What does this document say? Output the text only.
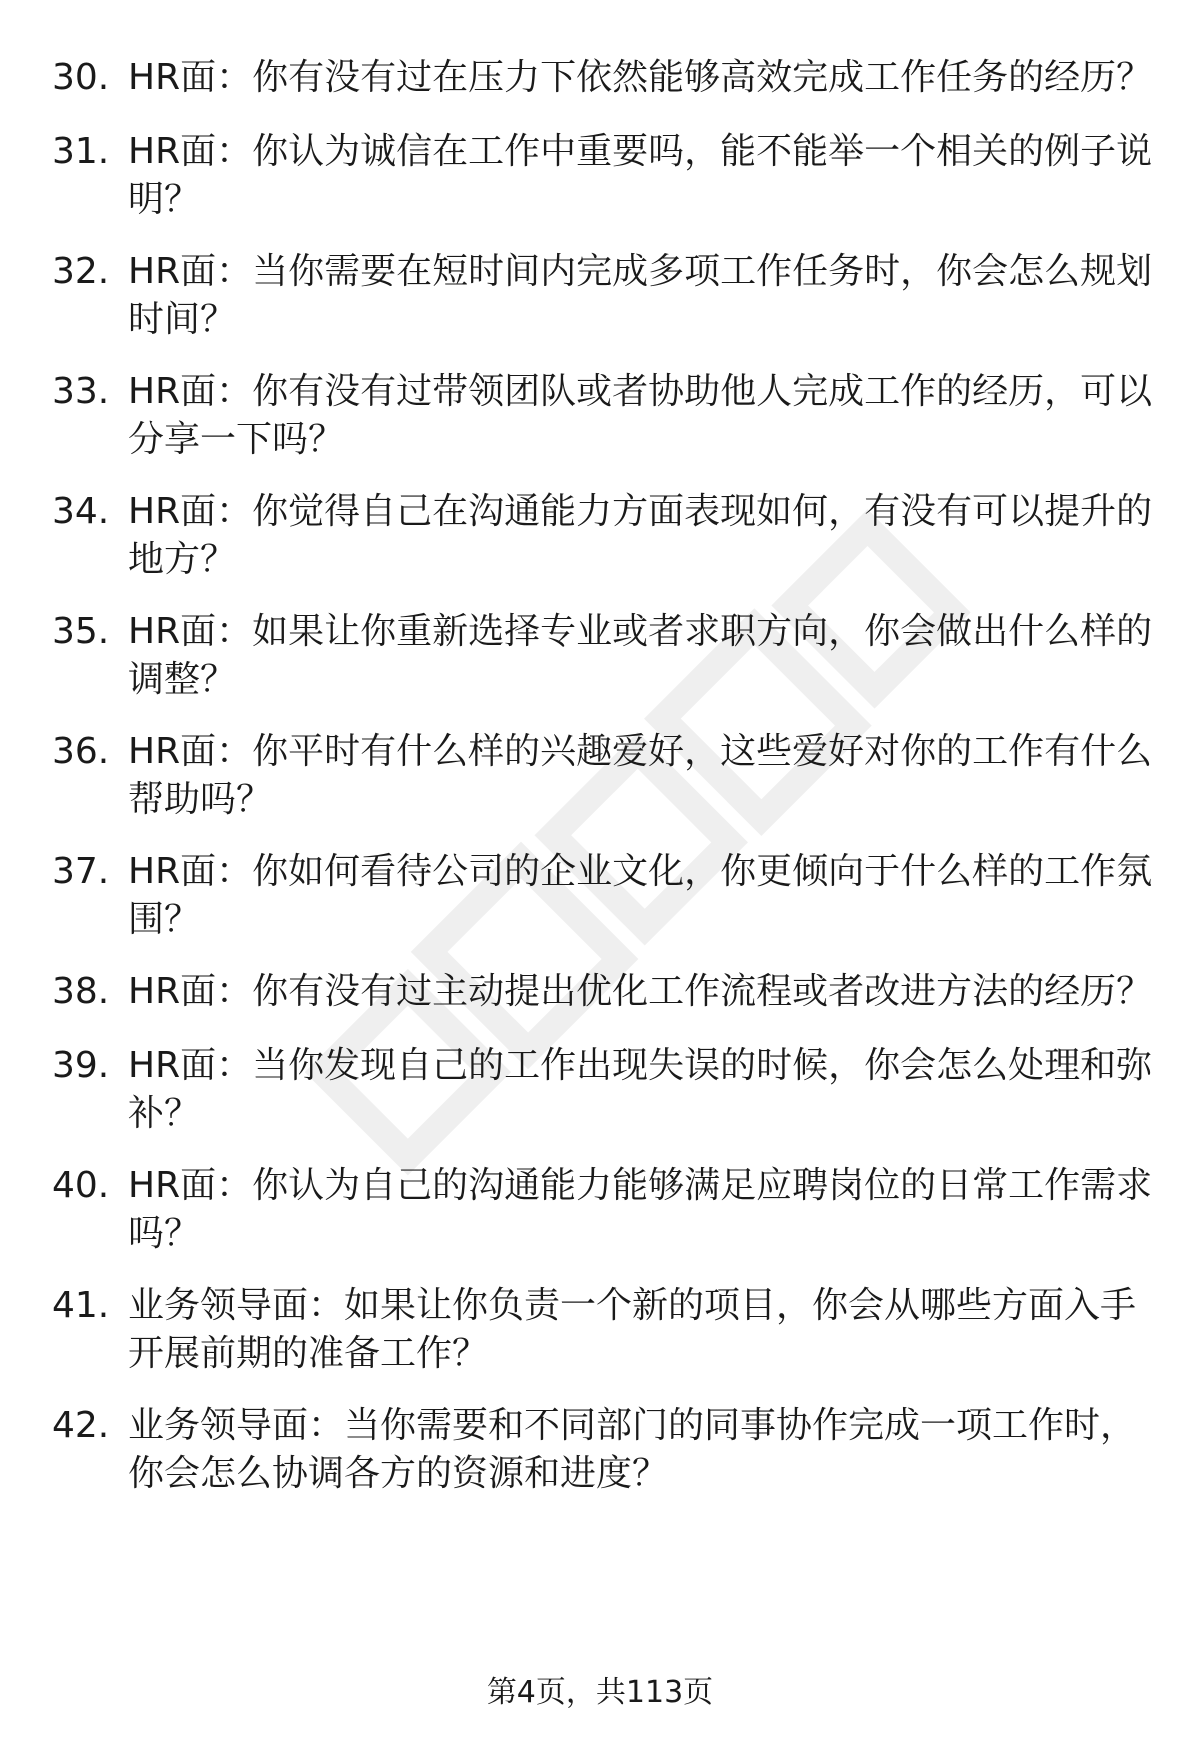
30. HR面：你有没有过在压力下依然能够高效完成工作任务的经历？
31. HR面：你认为诚信在工作中重要吗，能不能举一个相关的例子说明？
32. HR面：当你需要在短时间内完成多项工作任务时，你会怎么规划时间？
33. HR面：你有没有过带领团队或者协助他人完成工作的经历，可以分享一下吗？
34. HR面：你觉得自己在沟通能力方面表现如何，有没有可以提升的地方？
35. HR面：如果让你重新选择专业或者求职方向，你会做出什么样的调整？
36. HR面：你平时有什么样的兴趣爱好，这些爱好对你的工作有什么帮助吗？
37. HR面：你如何看待公司的企业文化，你更倾向于什么样的工作氛围？
38. HR面：你有没有过主动提出优化工作流程或者改进方法的经历？
39. HR面：当你发现自己的工作出现失误的时候，你会怎么处理和弥补？
40. HR面：你认为自己的沟通能力能够满足应聘岗位的日常工作需求吗？
41. 业务领导面：如果让你负责一个新的项目，你会从哪些方面入手开展前期的准备工作？
42. 业务领导面：当你需要和不同部门的同事协作完成一项工作时，你会怎么协调各方的资源和进度？
第4页，共113页
